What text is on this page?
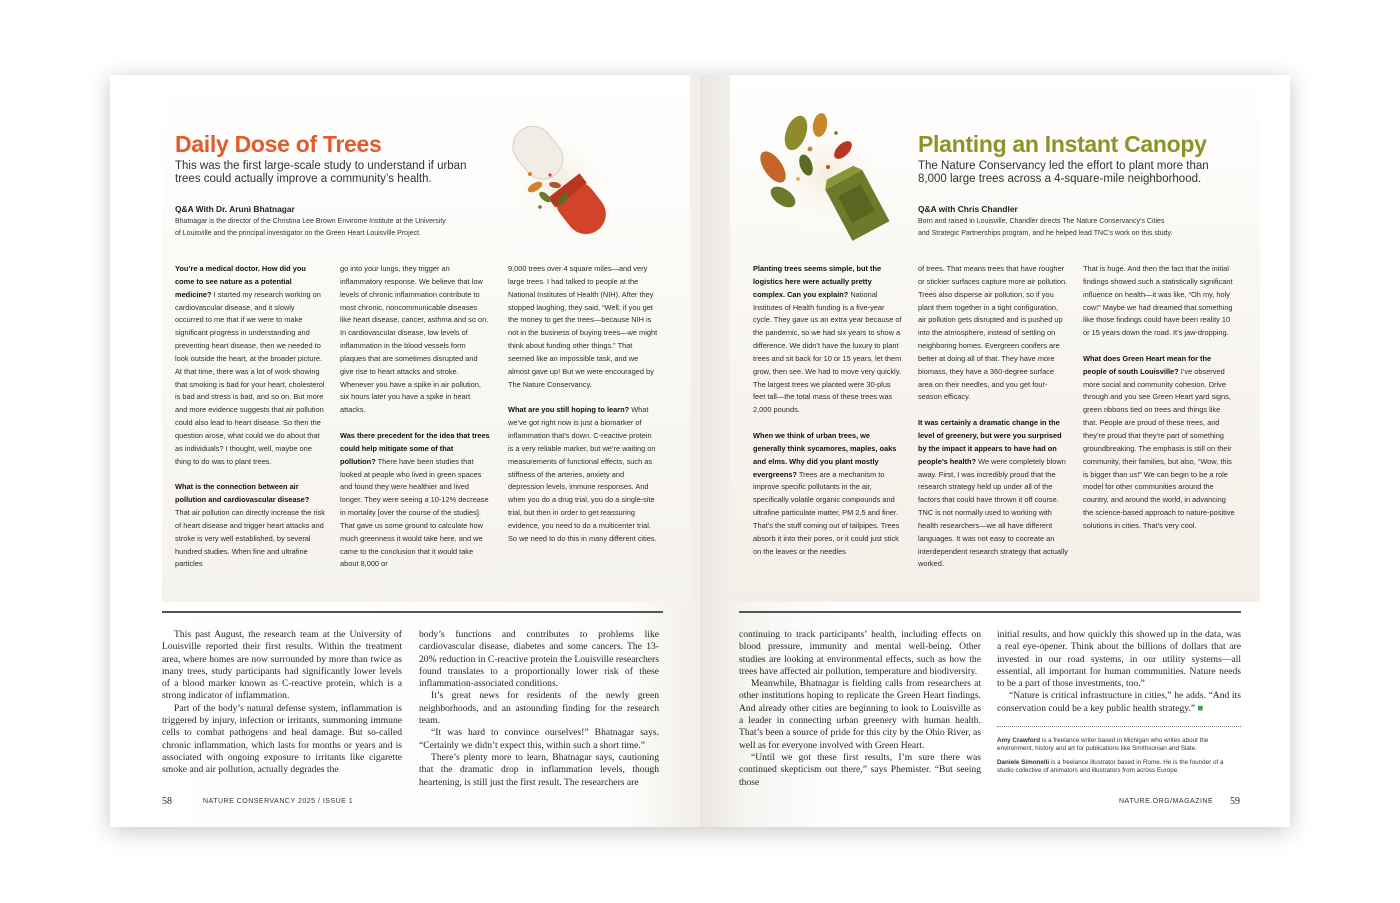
Daily Dose of Trees
This was the first large-scale study to understand if urban
trees could actually improve a community’s health.
Q&A With Dr. Aruni Bhatnagar
Bhatnagar is the director of the Christina Lee Brown Envirome Institute at the University
of Louisville and the principal investigator on the Green Heart Louisville Project.

You’re a medical doctor. How did you come to see nature as a potential medicine? I started my research working on cardiovascular disease, and it slowly occurred to me that if we were to make significant progress in understanding and preventing heart disease, then we needed to look outside the heart, at the broader picture. At that time, there was a lot of work showing that smoking is bad for your heart, cholesterol is bad and stress is bad, and so on. But more and more evidence suggests that air pollution could also lead to heart disease. So then the question arose, what could we do about that as individuals? I thought, well, maybe one thing to do was to plant trees.

What is the connection between air pollution and cardiovascular disease? That air pollution can directly increase the risk of heart disease and trigger heart attacks and stroke is very well established, by several hundred studies. When fine and ultrafine particles

go into your lungs, they trigger an inflammatory response. We believe that low levels of chronic inflammation contribute to most chronic, noncommunicable diseases like heart disease, cancer, asthma and so on. In cardiovascular disease, low levels of inflammation in the blood vessels form plaques that are sometimes disrupted and give rise to heart attacks and stroke. Whenever you have a spike in air pollution, six hours later you have a spike in heart attacks.

Was there precedent for the idea that trees could help mitigate some of that pollution? There have been studies that looked at people who lived in green spaces and found they were healthier and lived longer. They were seeing a 10-12% decrease in mortality [over the course of the studies]. That gave us some ground to calculate how much greenness it would take here, and we came to the conclusion that it would take about 8,000 or

9,000 trees over 4 square miles—and very large trees. I had talked to people at the National Institutes of Health (NIH). After they stopped laughing, they said, “Well, if you get the money to get the trees—because NIH is not in the business of buying trees—we might think about funding other things.” That seemed like an impossible task, and we almost gave up! But we were encouraged by The Nature Conservancy.

What are you still hoping to learn? What we’ve got right now is just a biomarker of inflammation that’s down. C-reactive protein is a very reliable marker, but we’re waiting on measurements of functional effects, such as stiffness of the arteries, anxiety and depression levels, immune responses. And when you do a drug trial, you do a single-site trial, but then in order to get reassuring evidence, you need to do a multicenter trial. So we need to do this in many different cities.

This past August, the research team at the University of Louisville reported their first results. Within the treatment area, where homes are now surrounded by more than twice as many trees, study participants had significantly lower levels of a blood marker known as C-reactive protein, which is a strong indicator of inflammation.

Part of the body’s natural defense system, inflammation is triggered by injury, infection or irritants, summoning immune cells to combat pathogens and heal damage. But so-called chronic inflammation, which lasts for months or years and is associated with ongoing exposure to irritants like cigarette smoke and air pollution, actually degrades the

body’s functions and contributes to problems like cardiovascular disease, diabetes and some cancers. The 13-20% reduction in C-reactive protein the Louisville researchers found translates to a proportionally lower risk of these inflammation-associated conditions.

It’s great news for residents of the newly green neighborhoods, and an astounding finding for the research team.

“It was hard to convince ourselves!” Bhatnagar says. “Certainly we didn’t expect this, within such a short time.”

There’s plenty more to learn, Bhatnagar says, cautioning that the dramatic drop in inflammation levels, though heartening, is still just the first result. The researchers are

58	NATURE CONSERVANCY 2025 / ISSUE 1
Planting an Instant Canopy
The Nature Conservancy led the effort to plant more than
8,000 large trees across a 4-square-mile neighborhood.
Q&A with Chris Chandler
Born and raised in Louisville, Chandler directs The Nature Conservancy’s Cities
and Strategic Partnerships program, and he helped lead TNC’s work on this study.

Planting trees seems simple, but the logistics here were actually pretty complex. Can you explain? National Institutes of Health funding is a five-year cycle. They gave us an extra year because of the pandemic, so we had six years to show a difference. We didn’t have the luxury to plant trees and sit back for 10 or 15 years, let them grow, then see. We had to move very quickly. The largest trees we planted were 30-plus feet tall—the total mass of these trees was 2,000 pounds.

When we think of urban trees, we generally think sycamores, maples, oaks and elms. Why did you plant mostly evergreens? Trees are a mechanism to improve specific pollutants in the air, specifically volatile organic compounds and ultrafine particulate matter, PM 2.5 and finer. That’s the stuff coming out of tailpipes. Trees absorb it into their pores, or it could just stick on the leaves or the needles

of trees. That means trees that have rougher or stickier surfaces capture more air pollution. Trees also disperse air pollution, so if you plant them together in a tight configuration, air pollution gets disrupted and is pushed up into the atmosphere, instead of settling on neighboring homes. Evergreen conifers are better at doing all of that. They have more biomass, they have a 360-degree surface area on their needles, and you get four-season efficacy.

It was certainly a dramatic change in the level of greenery, but were you surprised by the impact it appears to have had on people’s health? We were completely blown away. First, I was incredibly proud that the research strategy held up under all of the factors that could have thrown it off course. TNC is not normally used to working with health researchers—we all have different languages. It was not easy to cocreate an interdependent research strategy that actually worked.

That is huge. And then the fact that the initial findings showed such a statistically significant influence on health—it was like, “Oh my, holy cow!” Maybe we had dreamed that something like those findings could have been reality 10 or 15 years down the road. It’s jaw-dropping.

What does Green Heart mean for the people of south Louisville? I’ve observed more social and community cohesion. Drive through and you see Green Heart yard signs, green ribbons tied on trees and things like that. People are proud of these trees, and they’re proud that they’re part of something groundbreaking. The emphasis is still on their community, their families, but also, “Wow, this is bigger than us!” We can begin to be a role model for other communities around the country, and around the world, in advancing the science-based approach to nature-positive solutions in cities. That’s very cool.

continuing to track participants’ health, including effects on blood pressure, immunity and mental well-being. Other studies are looking at environmental effects, such as how the trees have affected air pollution, temperature and biodiversity.

Meanwhile, Bhatnagar is fielding calls from researchers at other institutions hoping to replicate the Green Heart findings. And already other cities are beginning to look to Louisville as a leader in connecting urban greenery with human health. That’s been a source of pride for this city by the Ohio River, as well as for everyone involved with Green Heart.

“Until we got these first results, I’m sure there was continued skepticism out there,” says Phemister. “But seeing those

initial results, and how quickly this showed up in the data, was a real eye-opener. Think about the billions of dollars that are invested in our road systems, in our utility systems—all essential, all important for human communities. Nature needs to be a part of those investments, too.”

“Nature is critical infrastructure in cities,” he adds. “And its conservation could be a key public health strategy.” ■

Amy Crawford is a freelance writer based in Michigan who writes about the environment, history and art for publications like Smithsonian and Slate.

Daniele Simonelli is a freelance illustrator based in Rome. He is the founder of a studio collective of animators and illustrators from across Europe.

NATURE.ORG/MAGAZINE 59
